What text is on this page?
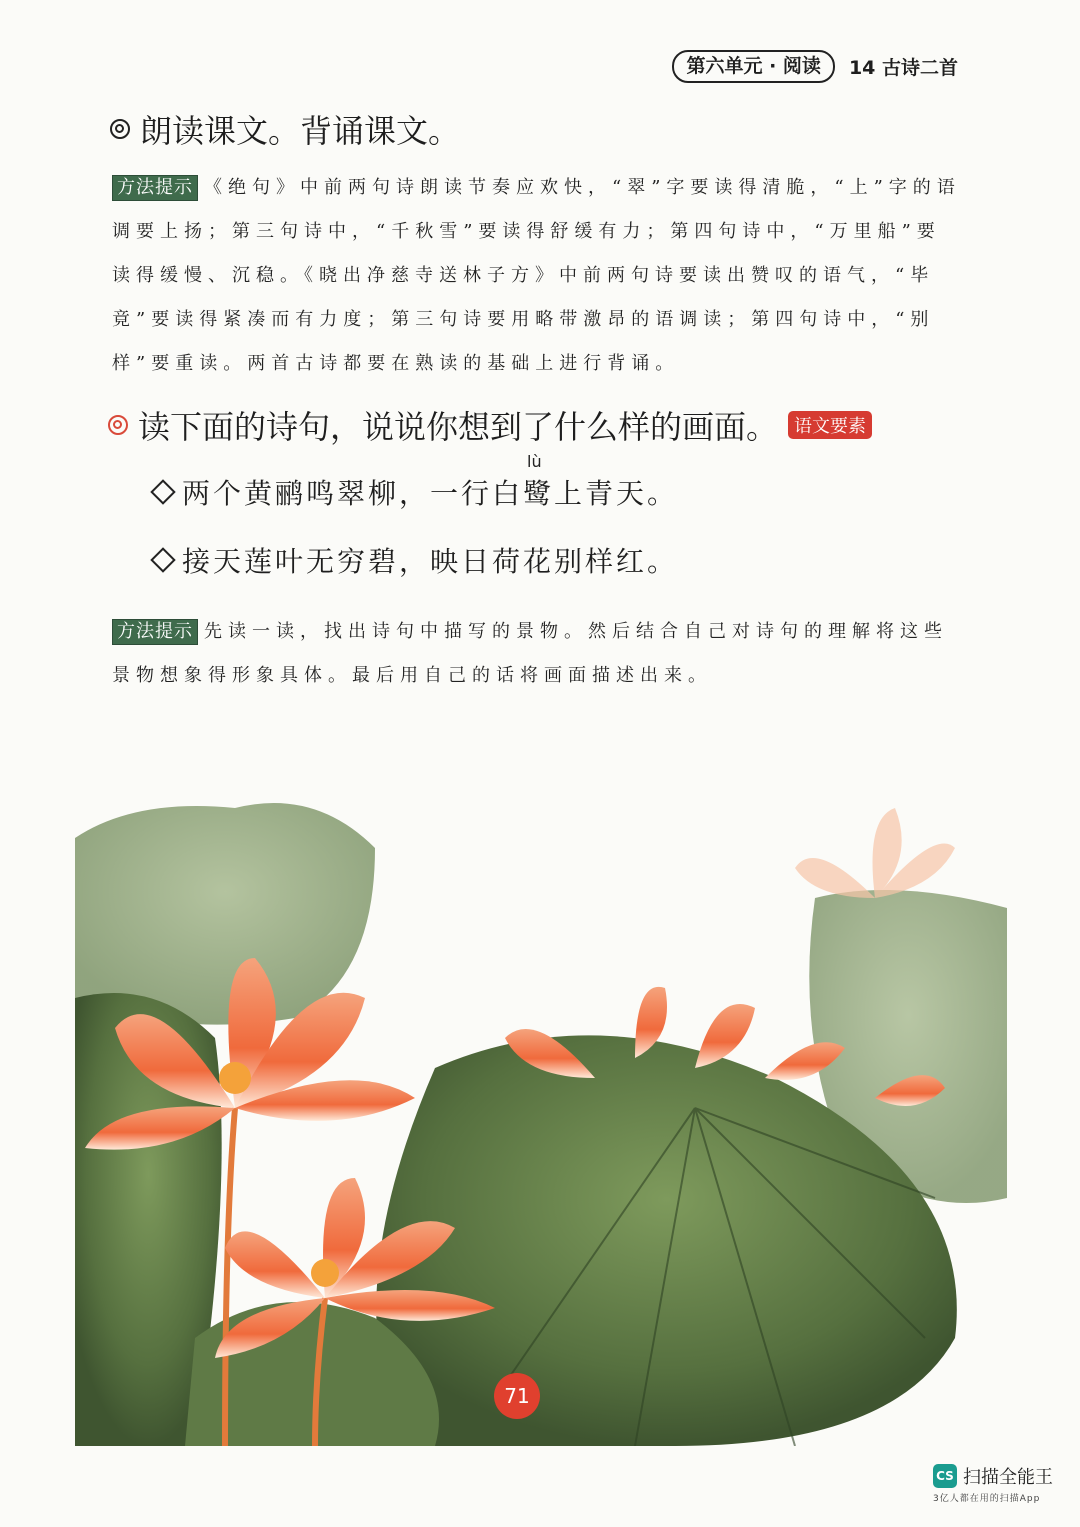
第六单元 · 阅读	14 古诗二首
朗读课文。背诵课文。
方法提示 《绝句》中前两句诗朗读节奏应欢快，“翠”字要读得清脆，“上”字的语调要上扬；第三句诗中，“千秋雪”要读得舒缓有力；第四句诗中，“万里船”要读得缓慢、沉稳。《晓出净慈寺送林子方》中前两句诗要读出赞叹的语气，“毕竟”要读得紧凑而有力度；第三句诗要用略带激昂的语调读；第四句诗中，“别样”要重读。两首古诗都要在熟读的基础上进行背诵。
读下面的诗句，说说你想到了什么样的画面。 语文要素
lù
两个黄鹂鸣翠柳，一行白鹭上青天。
接天莲叶无穷碧，映日荷花别样红。
方法提示 先读一读，找出诗句中描写的景物。然后结合自己对诗句的理解将这些景物想象得形象具体。最后用自己的话将画面描述出来。
71
CS 扫描全能王
3亿人都在用的扫描App
